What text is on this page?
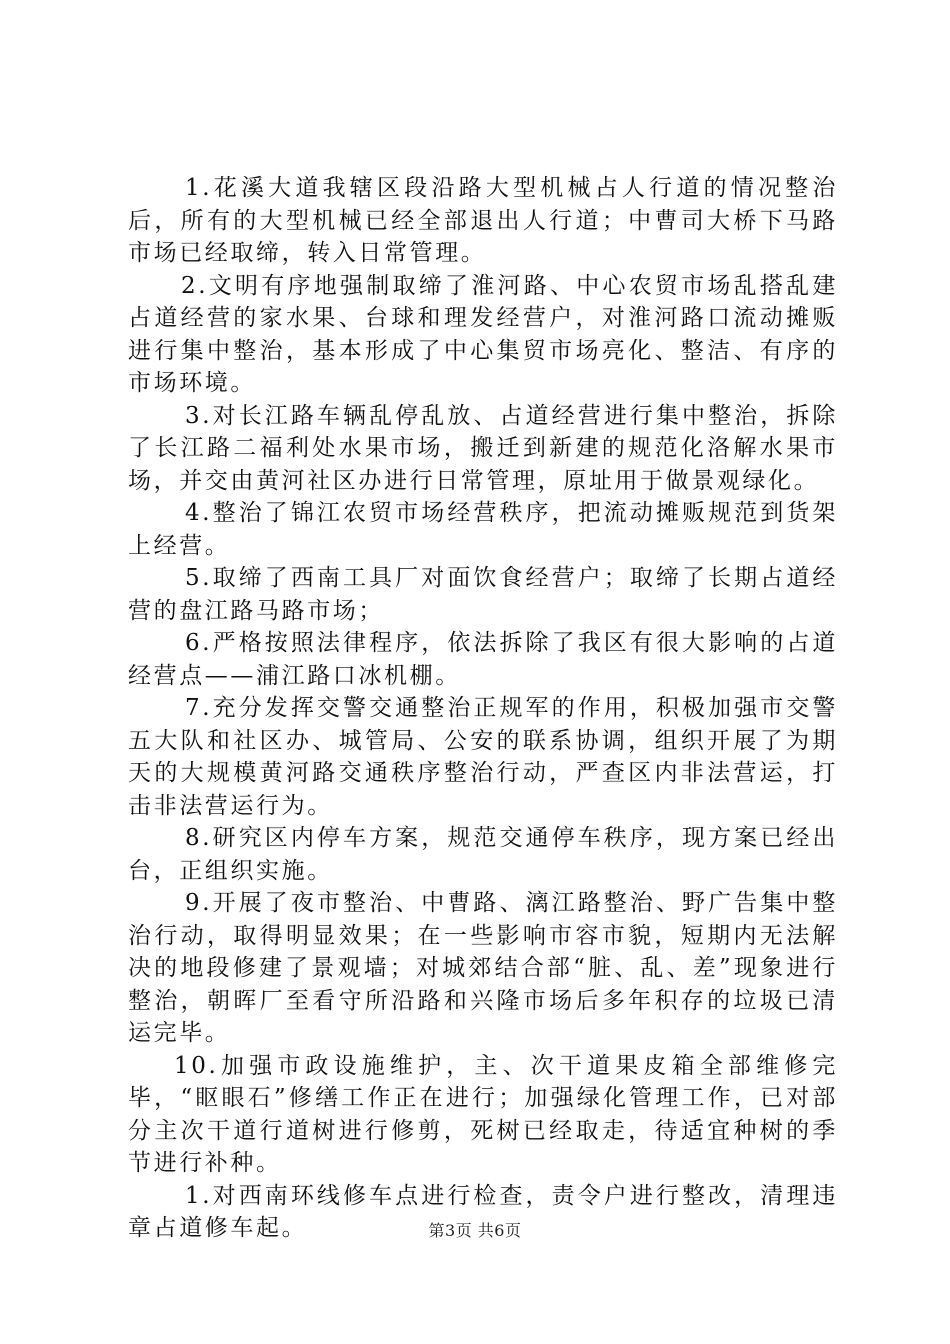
1.花溪大道我辖区段沿路大型机械占人行道的情况整治后，所有的大型机械已经全部退出人行道；中曹司大桥下马路市场已经取缔，转入日常管理。

2.文明有序地强制取缔了淮河路、中心农贸市场乱搭乱建占道经营的家水果、台球和理发经营户，对淮河路口流动摊贩进行集中整治，基本形成了中心集贸市场亮化、整洁、有序的市场环境。

3.对长江路车辆乱停乱放、占道经营进行集中整治，拆除了长江路二福利处水果市场，搬迁到新建的规范化洛解水果市场，并交由黄河社区办进行日常管理，原址用于做景观绿化。

4.整治了锦江农贸市场经营秩序，把流动摊贩规范到货架上经营。

5.取缔了西南工具厂对面饮食经营户；取缔了长期占道经营的盘江路马路市场；

6.严格按照法律程序，依法拆除了我区有很大影响的占道经营点——浦江路口冰机棚。

7.充分发挥交警交通整治正规军的作用，积极加强市交警五大队和社区办、城管局、公安的联系协调，组织开展了为期天的大规模黄河路交通秩序整治行动，严查区内非法营运，打击非法营运行为。

8.研究区内停车方案，规范交通停车秩序，现方案已经出台，正组织实施。

9.开展了夜市整治、中曹路、漓江路整治、野广告集中整治行动，取得明显效果；在一些影响市容市貌，短期内无法解决的地段修建了景观墙；对城郊结合部“脏、乱、差”现象进行整治，朝晖厂至看守所沿路和兴隆市场后多年积存的垃圾已清运完毕。

10.加强市政设施维护，主、次干道果皮箱全部维修完毕，“眍眼石”修缮工作正在进行；加强绿化管理工作，已对部分主次干道行道树进行修剪，死树已经取走，待适宜种树的季节进行补种。

1.对西南环线修车点进行检查，责令户进行整改，清理违章占道修车起。	第3页 共6页
